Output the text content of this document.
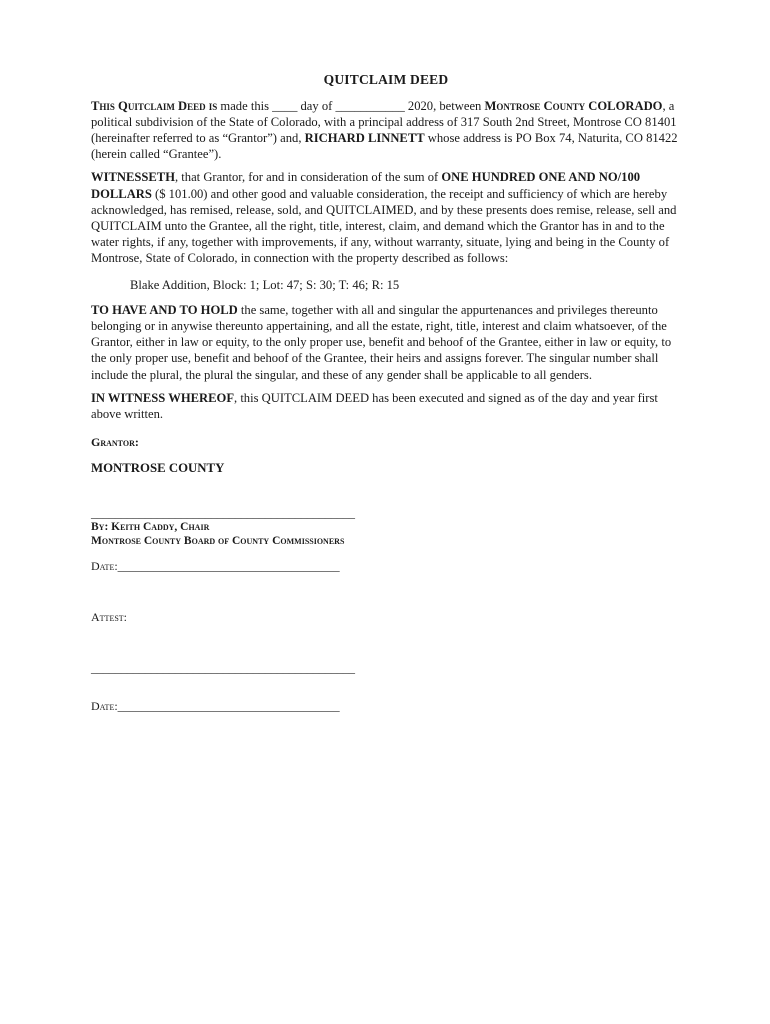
QUITCLAIM DEED

This Quitclaim Deed is made this ____ day of ___________ 2020, between Montrose County COLORADO, a political subdivision of the State of Colorado, with a principal address of 317 South 2nd Street, Montrose CO 81401 (hereinafter referred to as “Grantor”) and, RICHARD LINNETT whose address is PO Box 74, Naturita, CO 81422 (herein called “Grantee”).

WITNESSETH, that Grantor, for and in consideration of the sum of ONE HUNDRED ONE AND NO/100 DOLLARS ($ 101.00) and other good and valuable consideration, the receipt and sufficiency of which are hereby acknowledged, has remised, release, sold, and QUITCLAIMED, and by these presents does remise, release, sell and QUITCLAIM unto the Grantee, all the right, title, interest, claim, and demand which the Grantor has in and to the water rights, if any, together with improvements, if any, without warranty, situate, lying and being in the County of Montrose, State of Colorado, in connection with the property described as follows:

Blake Addition, Block: 1; Lot: 47; S: 30; T: 46; R: 15

TO HAVE AND TO HOLD the same, together with all and singular the appurtenances and privileges thereunto belonging or in anywise thereunto appertaining, and all the estate, right, title, interest and claim whatsoever, of the Grantor, either in law or equity, to the only proper use, benefit and behoof of the Grantee, either in law or equity, to the only proper use, benefit and behoof of the Grantee, their heirs and assigns forever. The singular number shall include the plural, the plural the singular, and these of any gender shall be applicable to all genders.

IN WITNESS WHEREOF, this QUITCLAIM DEED has been executed and signed as of the day and year first above written.

Grantor:

MONTROSE COUNTY

____________________________________________

By: Keith Caddy, Chair

Montrose County Board of County Commissioners

Date:_____________________________________

Attest:

____________________________________________

Date:_____________________________________
